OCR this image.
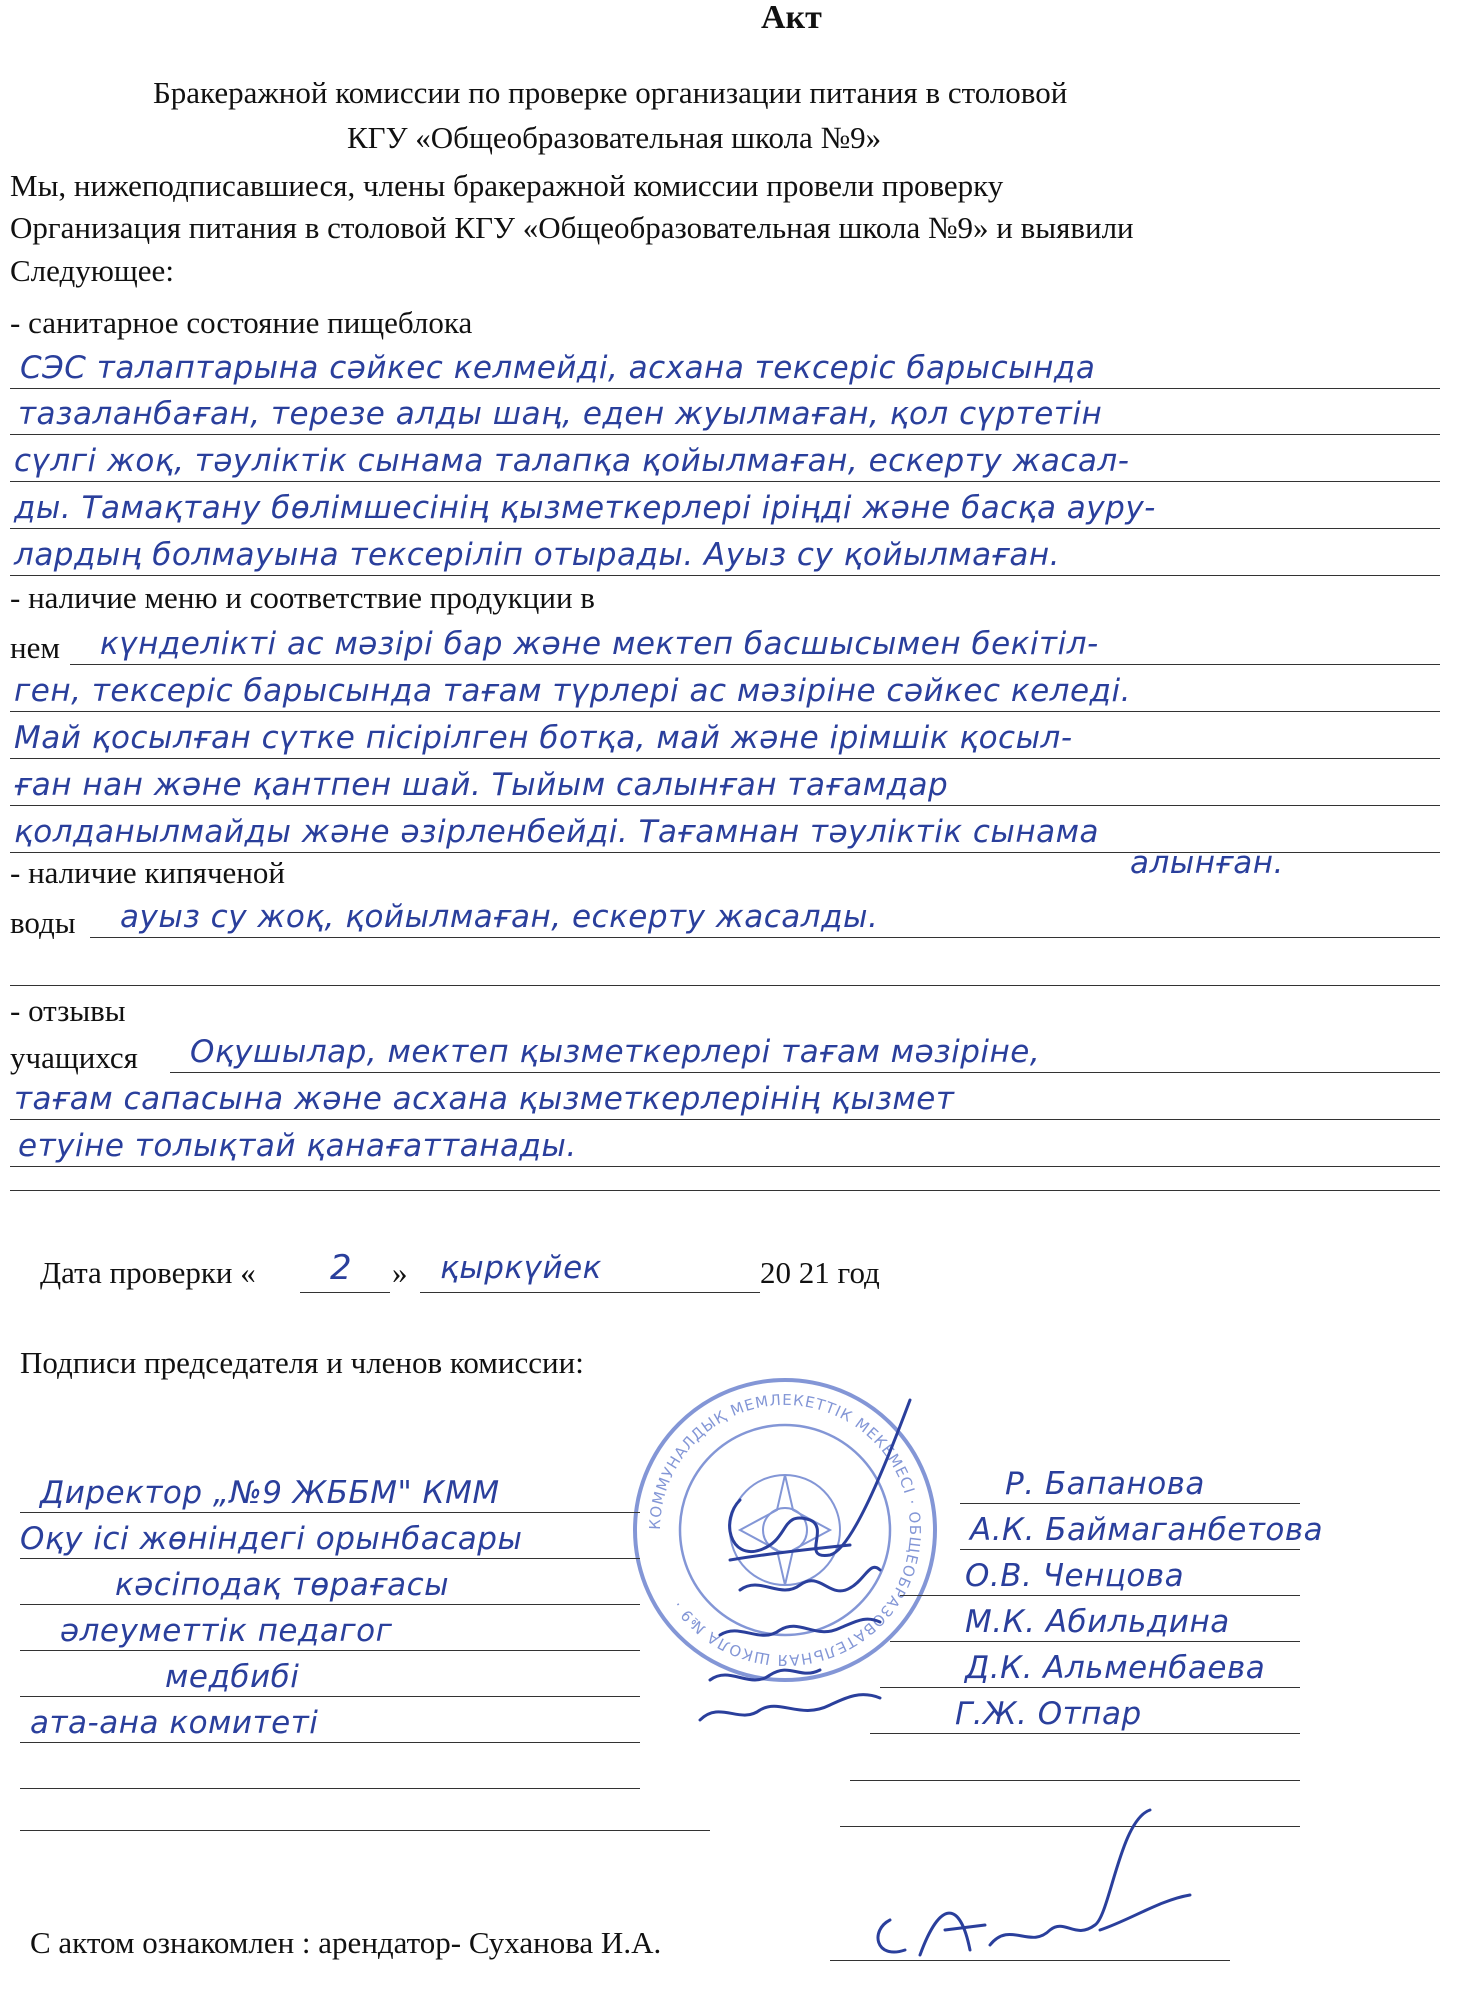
Акт
Бракеражной комиссии по проверке организации питания в столовой
КГУ «Общеобразовательная школа №9»
Мы, нижеподписавшиеся, члены бракеражной комиссии провели проверку
Организация питания в столовой КГУ «Общеобразовательная школа №9» и выявили
Следующее:
- санитарное состояние пищеблока
СЭС талаптарына сәйкес келмейді, асхана тексеріс барысында
тазаланбаған, терезе алды шаң, еден жуылмаған, қол сүртетін
сүлгі жоқ, тәуліктік сынама талапқа қойылмаған, ескерту жасал-
ды. Тамақтану бөлімшесінің қызметкерлері іріңді және басқа ауру-
лардың болмауына тексеріліп отырады. Ауыз су қойылмаған.
- наличие меню и соответствие продукции в
нем күнделікті ас мәзірі бар және мектеп басшысымен бекітіл-
ген, тексеріс барысында тағам түрлері ас мәзіріне сәйкес келеді.
Май қосылған сүтке пісірілген ботқа, май және ірімшік қосыл-
ған нан және қантпен шай. Тыйым салынған тағамдар
қолданылмайды және әзірленбейді. Тағамнан тәуліктік сынама
алынған.
- наличие кипяченой
воды ауыз су жоқ, қойылмаған, ескерту жасалды.
- отзывы
учащихся Оқушылар, мектеп қызметкерлері тағам мәзіріне,
тағам сапасына және асхана қызметкерлерінің қызмет
етуіне толықтай қанағаттанады.
Дата проверки « 2 » қыркүйек	20 21 год
Подписи председателя и членов комиссии:
КОММУНАЛДЫҚ МЕМЛЕКЕТТІК МЕКЕМЕСІ · ОБЩЕОБРАЗОВАТЕЛЬНАЯ ШКОЛА №9 ·
Директор „№9 ЖББМ" КММ
Оқу ісі жөніндегі орынбасары
кәсіподақ төрағасы
әлеуметтік педагог
медбибі
ата-ана комитеті
Р. Бапанова
А.К. Баймаганбетова
О.В. Ченцова
М.К. Абильдина
Д.К. Альменбаева
Г.Ж. Отпар
С актом ознакомлен : арендатор- Суханова И.А.
